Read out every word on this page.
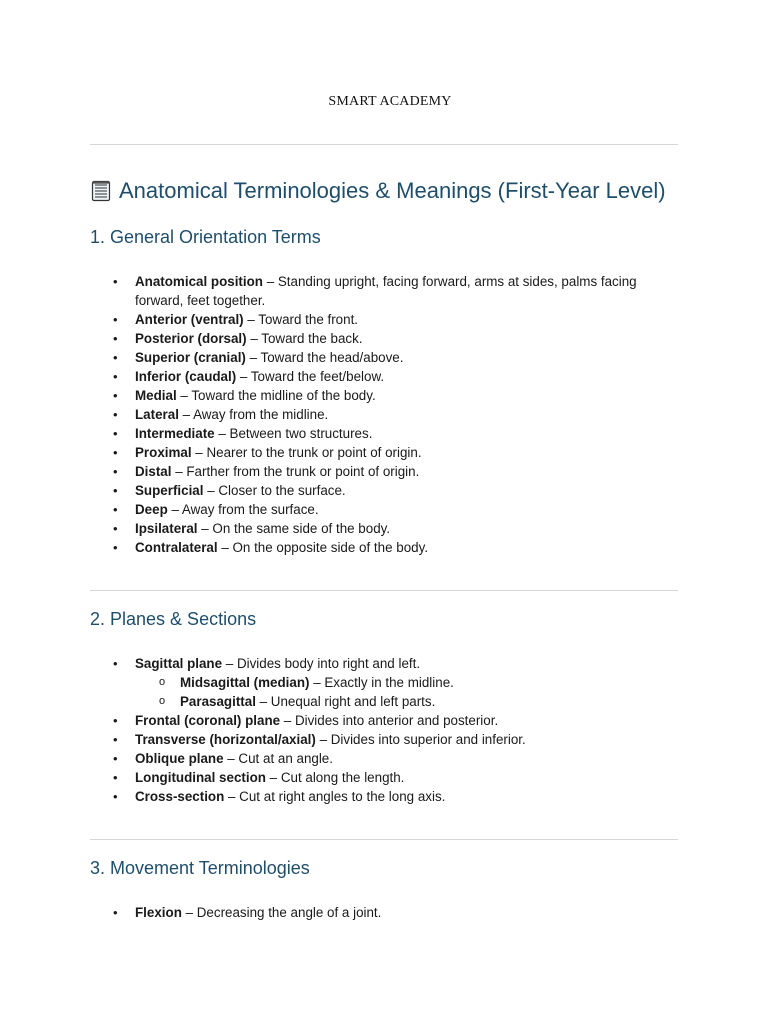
SMART ACADEMY
Anatomical Terminologies & Meanings (First-Year Level)
1. General Orientation Terms
• Anatomical position – Standing upright, facing forward, arms at sides, palms facing forward, feet together.
• Anterior (ventral) – Toward the front.
• Posterior (dorsal) – Toward the back.
• Superior (cranial) – Toward the head/above.
• Inferior (caudal) – Toward the feet/below.
• Medial – Toward the midline of the body.
• Lateral – Away from the midline.
• Intermediate – Between two structures.
• Proximal – Nearer to the trunk or point of origin.
• Distal – Farther from the trunk or point of origin.
• Superficial – Closer to the surface.
• Deep – Away from the surface.
• Ipsilateral – On the same side of the body.
• Contralateral – On the opposite side of the body.
2. Planes & Sections
• Sagittal plane – Divides body into right and left.
o Midsagittal (median) – Exactly in the midline.
o Parasagittal – Unequal right and left parts.
• Frontal (coronal) plane – Divides into anterior and posterior.
• Transverse (horizontal/axial) – Divides into superior and inferior.
• Oblique plane – Cut at an angle.
• Longitudinal section – Cut along the length.
• Cross-section – Cut at right angles to the long axis.
3. Movement Terminologies
• Flexion – Decreasing the angle of a joint.
